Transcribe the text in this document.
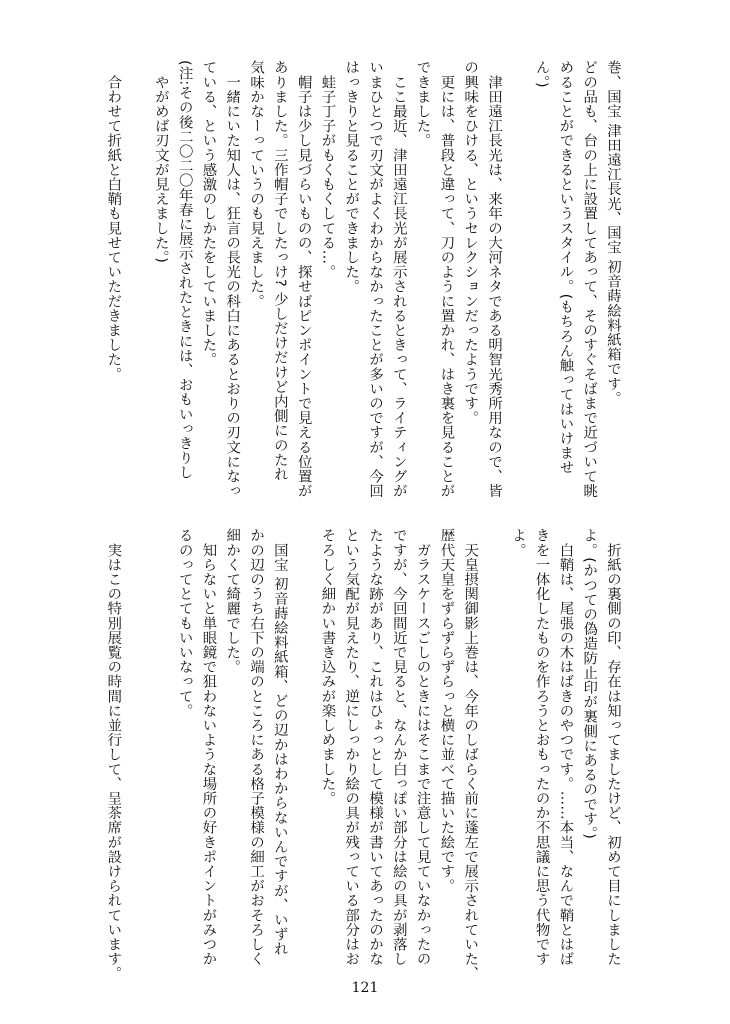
巻、国宝 津田遠江長光、国宝 初音蒔絵料紙箱です。
どの品も、台の上に設置してあって、そのすぐそばまで近づいて眺
めることができるというスタイル。(もちろん触ってはいけませ
ん。)
　津田遠江長光は、来年の大河ネタである明智光秀所用なので、皆
の興味をひける、というセレクションだったようです。
　更には、普段と違って、刀のように置かれ、はき裏を見ることが
できました。
　ここ最近、津田遠江長光が展示されるときって、ライティングが
いまひとつで刃文がよくわからなかったことが多いのですが、今回
はっきりと見ることができました。
　蛙子丁子がもくもくしてる…。
　帽子は少し見づらいものの、探せばピンポイントで見える位置が
ありました。三作帽子でしたっけ? 少しだけだけど内側にのたれ
気味かなーっていうのも見えました。
　一緒にいた知人は、狂言の長光の科白にあるとおりの刃文になっ
ている、という感激のしかたをしていました。
(注:その後二〇二〇年春に展示されたときには、おもいっきりし
　やがめば刃文が見えました。)
　合わせて折紙と白鞘も見せていただきました。
　折紙の裏側の印、存在は知ってましたけど、初めて目にしました
よ。(かつての偽造防止印が裏側にあるのです。)
　白鞘は、尾張の木はばきのやつです。……本当、なんで鞘とはば
きを一体化したものを作ろうとおもったのか不思議に思う代物です
よ。
　天皇摂関御影上巻は、今年のしばらく前に蓬左で展示されていた、
歴代天皇をずらずらずらっと横に並べて描いた絵です。
　ガラスケースごしのときにはそこまで注意して見ていなかったの
ですが、今回間近で見ると、なんか白っぽい部分は絵の具が剥落し
たような跡があり、これはひょっとして模様が書いてあったのかな
という気配が見えたり、逆にしっかり絵の具が残っている部分はお
そろしく細かい書き込みが楽しめました。
　国宝 初音蒔絵料紙箱、どの辺かはわからないんですが、いずれ
かの辺のうち右下の端のところにある格子模様の細工がおそろしく
細かくて綺麗でした。
　知らないと単眼鏡で狙わないような場所の好きポイントがみつか
るのってとてもいいなって。
　実はこの特別展覧の時間に並行して、呈茶席が設けられています。
121
